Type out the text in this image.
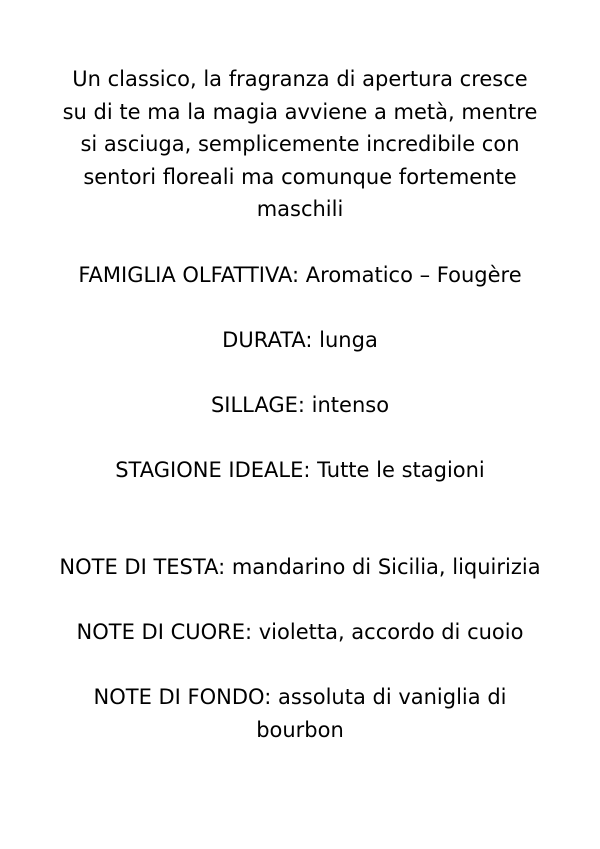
Un classico, la fragranza di apertura cresce
su di te ma la magia avviene a metà, mentre
si asciuga, semplicemente incredibile con
sentori floreali ma comunque fortemente
maschili

FAMIGLIA OLFATTIVA: Aromatico – Fougère

DURATA: lunga

SILLAGE: intenso

STAGIONE IDEALE: Tutte le stagioni

NOTE DI TESTA: mandarino di Sicilia, liquirizia

NOTE DI CUORE: violetta, accordo di cuoio

NOTE DI FONDO: assoluta di vaniglia di
bourbon
